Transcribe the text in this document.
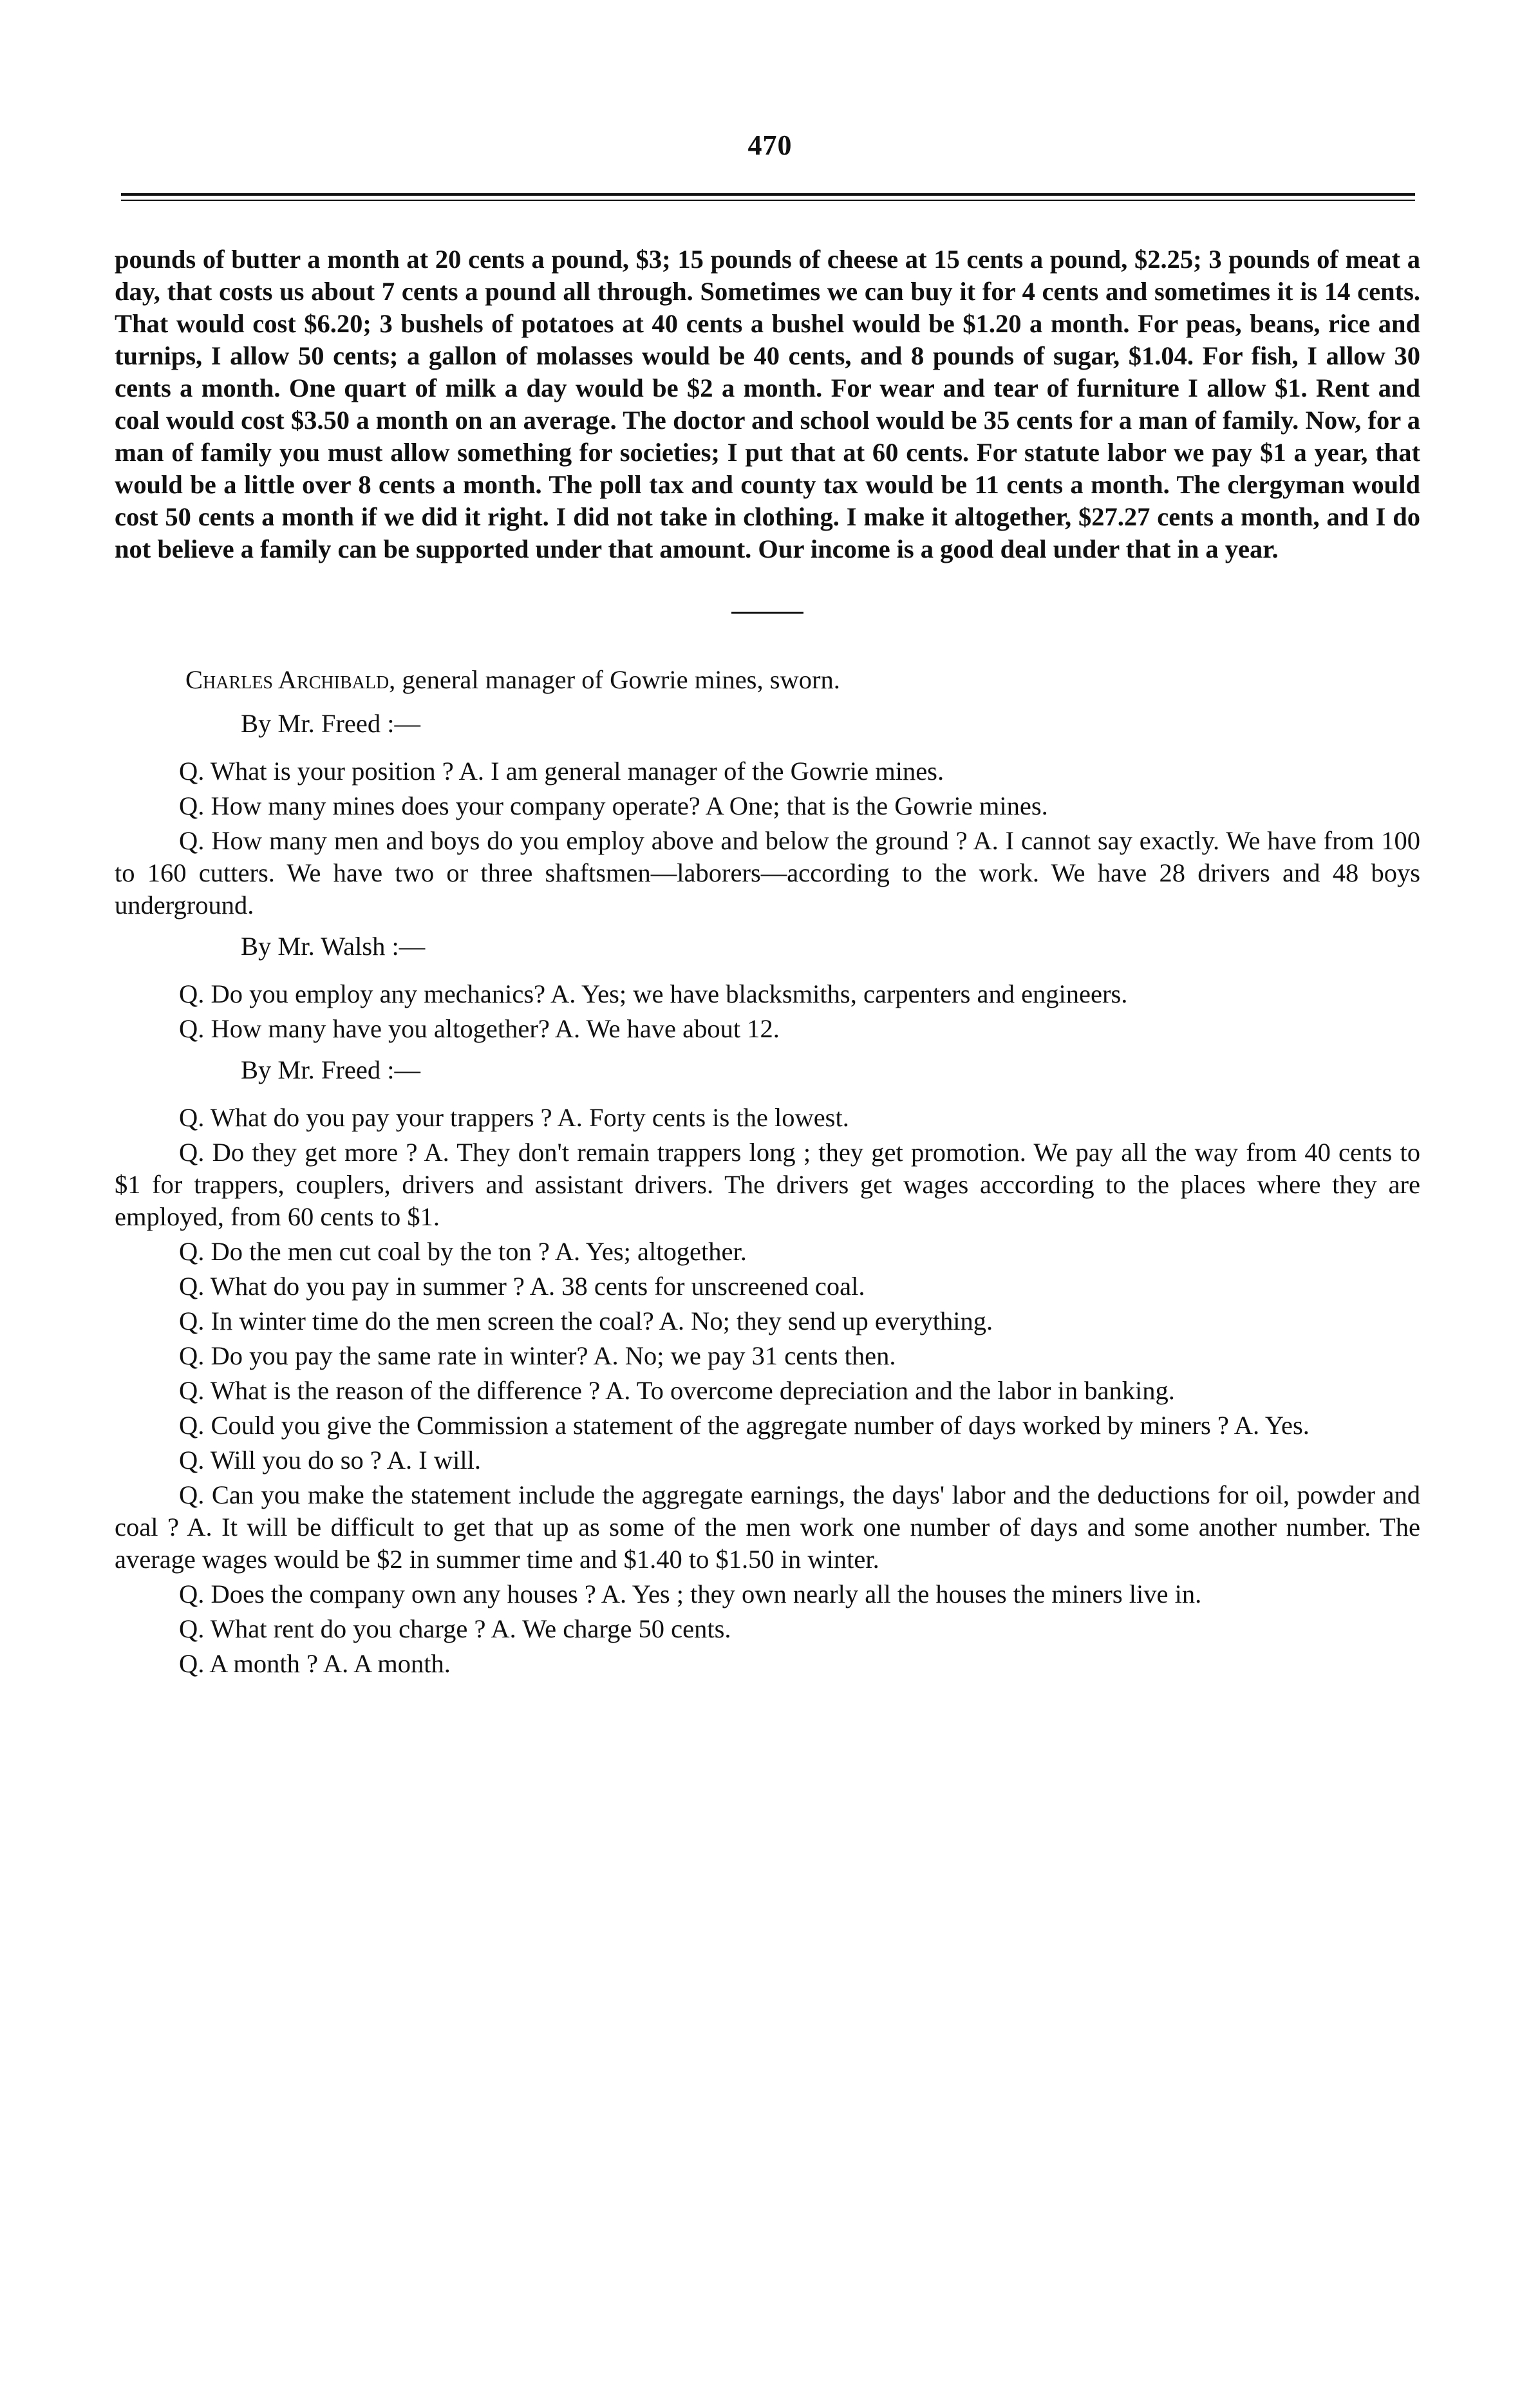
470

pounds of butter a month at 20 cents a pound, $3; 15 pounds of cheese at 15 cents a pound, $2.25; 3 pounds of meat a day, that costs us about 7 cents a pound all through. Sometimes we can buy it for 4 cents and sometimes it is 14 cents. That would cost $6.20; 3 bushels of potatoes at 40 cents a bushel would be $1.20 a month. For peas, beans, rice and turnips, I allow 50 cents; a gallon of molasses would be 40 cents, and 8 pounds of sugar, $1.04. For fish, I allow 30 cents a month. One quart of milk a day would be $2 a month. For wear and tear of furniture I allow $1. Rent and coal would cost $3.50 a month on an average. The doctor and school would be 35 cents for a man of family. Now, for a man of family you must allow something for societies; I put that at 60 cents. For statute labor we pay $1 a year, that would be a little over 8 cents a month. The poll tax and county tax would be 11 cents a month. The clergyman would cost 50 cents a month if we did it right. I did not take in clothing. I make it altogether, $27.27 cents a month, and I do not believe a family can be supported under that amount. Our income is a good deal under that in a year.

Charles Archibald, general manager of Gowrie mines, sworn.

By Mr. Freed :—

Q. What is your position ? A. I am general manager of the Gowrie mines.

Q. How many mines does your company operate? A One; that is the Gowrie mines.

Q. How many men and boys do you employ above and below the ground ? A. I cannot say exactly. We have from 100 to 160 cutters. We have two or three shaftsmen—laborers—according to the work. We have 28 drivers and 48 boys underground.

By Mr. Walsh :—

Q. Do you employ any mechanics? A. Yes; we have blacksmiths, carpenters and engineers.

Q. How many have you altogether? A. We have about 12.

By Mr. Freed :—

Q. What do you pay your trappers ? A. Forty cents is the lowest.

Q. Do they get more ? A. They don't remain trappers long ; they get promotion. We pay all the way from 40 cents to $1 for trappers, couplers, drivers and assistant drivers. The drivers get wages acccording to the places where they are employed, from 60 cents to $1.

Q. Do the men cut coal by the ton ? A. Yes; altogether.

Q. What do you pay in summer ? A. 38 cents for unscreened coal.

Q. In winter time do the men screen the coal? A. No; they send up everything.

Q. Do you pay the same rate in winter? A. No; we pay 31 cents then.

Q. What is the reason of the difference ? A. To overcome depreciation and the labor in banking.

Q. Could you give the Commission a statement of the aggregate number of days worked by miners ? A. Yes.

Q. Will you do so ? A. I will.

Q. Can you make the statement include the aggregate earnings, the days' labor and the deductions for oil, powder and coal ? A. It will be difficult to get that up as some of the men work one number of days and some another number. The average wages would be $2 in summer time and $1.40 to $1.50 in winter.

Q. Does the company own any houses ? A. Yes ; they own nearly all the houses the miners live in.

Q. What rent do you charge ? A. We charge 50 cents.

Q. A month ? A. A month.
